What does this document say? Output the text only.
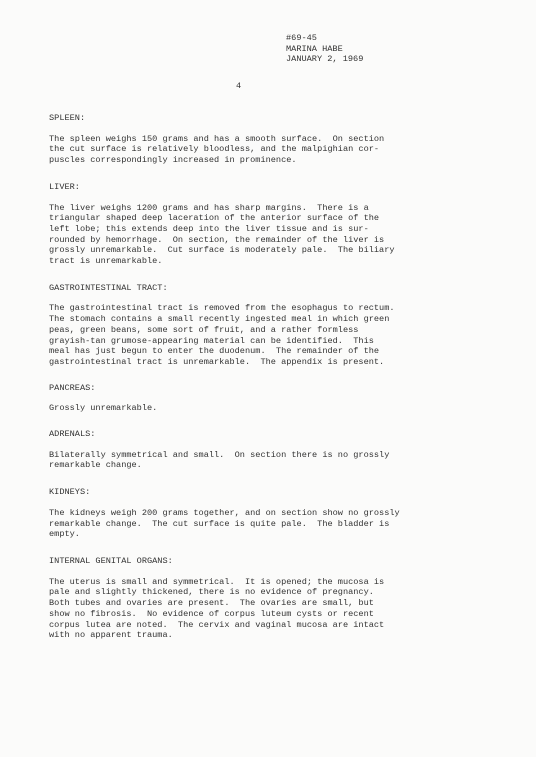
#69-45
MARINA HABE
JANUARY 2, 1969
4
SPLEEN:
The spleen weighs 150 grams and has a smooth surface.  On section
the cut surface is relatively bloodless, and the malpighian cor-
puscles correspondingly increased in prominence.
LIVER:
The liver weighs 1200 grams and has sharp margins.  There is a
triangular shaped deep laceration of the anterior surface of the
left lobe; this extends deep into the liver tissue and is sur-
rounded by hemorrhage.  On section, the remainder of the liver is
grossly unremarkable.  Cut surface is moderately pale.  The biliary
tract is unremarkable.
GASTROINTESTINAL TRACT:
The gastrointestinal tract is removed from the esophagus to rectum.
The stomach contains a small recently ingested meal in which green
peas, green beans, some sort of fruit, and a rather formless
grayish-tan grumose-appearing material can be identified.  This
meal has just begun to enter the duodenum.  The remainder of the
gastrointestinal tract is unremarkable.  The appendix is present.
PANCREAS:
Grossly unremarkable.
ADRENALS:
Bilaterally symmetrical and small.  On section there is no grossly
remarkable change.
KIDNEYS:
The kidneys weigh 200 grams together, and on section show no grossly
remarkable change.  The cut surface is quite pale.  The bladder is
empty.
INTERNAL GENITAL ORGANS:
The uterus is small and symmetrical.  It is opened; the mucosa is
pale and slightly thickened, there is no evidence of pregnancy.
Both tubes and ovaries are present.  The ovaries are small, but
show no fibrosis.  No evidence of corpus luteum cysts or recent
corpus lutea are noted.  The cervix and vaginal mucosa are intact
with no apparent trauma.
